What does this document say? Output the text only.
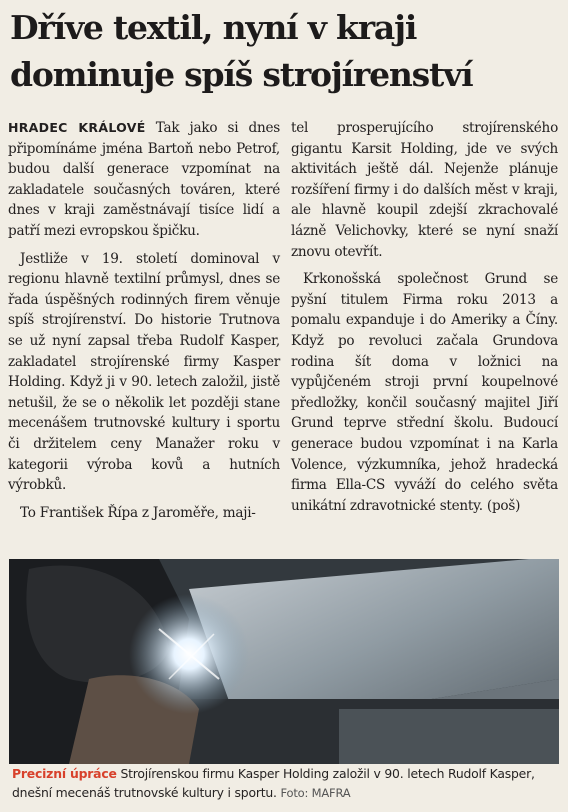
Dříve textil, nyní v kraji dominuje spíš strojírenství

HRADEC KRÁLOVÉ Tak jako si dnes připomínáme jména Bartoň nebo Petrof, budou další generace vzpomínat na zakladatele současných továren, které dnes v kraji zaměstnávají tisíce lidí a patří mezi evropskou špičku.

Jestliže v 19. století dominoval v regionu hlavně textilní průmysl, dnes se řada úspěšných rodinných firem věnuje spíš strojírenství. Do historie Trutnova se už nyní zapsal třeba Rudolf Kasper, zakladatel strojírenské firmy Kasper Holding. Když ji v 90. letech založil, jistě netušil, že se o několik let později stane mecenášem trutnovské kultury i sportu či držitelem ceny Manažer roku v kategorii výroba kovů a hutních výrobků.

To František Řípa z Jaroměře, maji-

tel prosperujícího strojírenského gigantu Karsit Holding, jde ve svých aktivitách ještě dál. Nejenže plánuje rozšíření firmy i do dalších měst v kraji, ale hlavně koupil zdejší zkrachovalé lázně Velichovky, které se nyní snaží znovu otevřít.

Krkonošská společnost Grund se pyšní titulem Firma roku 2013 a pomalu expanduje i do Ameriky a Číny. Když po revoluci začala Grundova rodina šít doma v ložnici na vypůjčeném stroji první koupelnové předložky, končil současný majitel Jiří Grund teprve střední školu. Budoucí generace budou vzpomínat i na Karla Volence, výzkumníka, jehož hradecká firma Ella-CS vyváží do celého světa unikátní zdravotnické stenty. (poš)

Precizní úpráce Strojírenskou firmu Kasper Holding založil v 90. letech Rudolf Kasper, dnešní mecenáš trutnovské kultury i sportu. Foto: MAFRA
